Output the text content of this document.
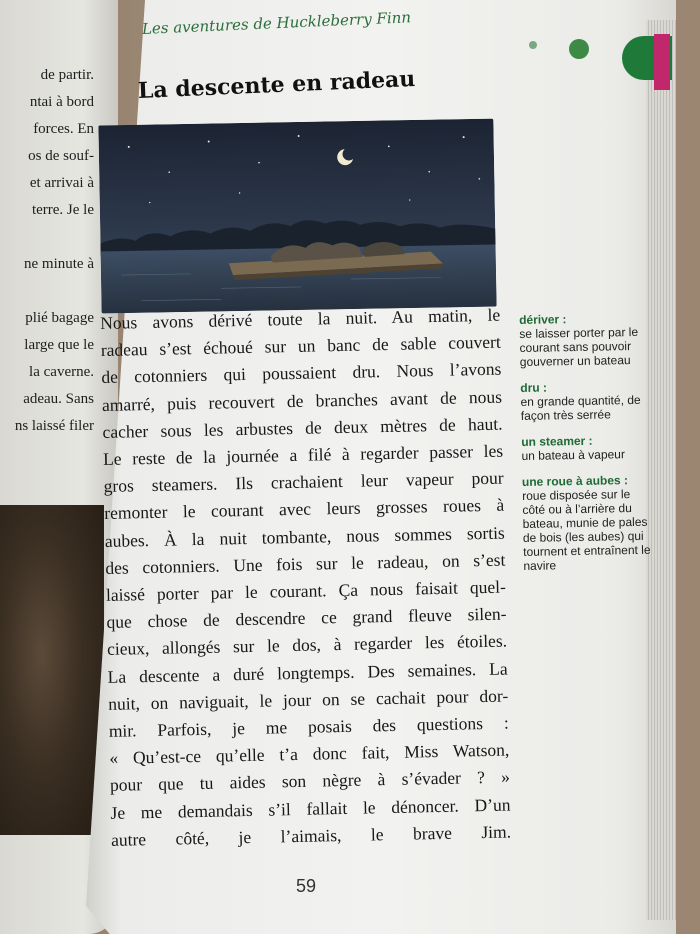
de partir.
ntai à bord
forces. En
os de souf-
et arrivai à
terre. Je le

ne minute à

plié bagage
large que le
la caverne.
adeau. Sans
ns laissé filer
Les aventures de Huckleberry Finn
La descente en radeau

Nous avons dérivé toute la nuit. Au matin, le
radeau s’est échoué sur un banc de sable couvert
de cotonniers qui poussaient dru. Nous l’avons
amarré, puis recouvert de branches avant de nous
cacher sous les arbustes de deux mètres de haut.

Le reste de la journée a filé à regarder passer les
gros steamers. Ils crachaient leur vapeur pour
remonter le courant avec leurs grosses roues à
aubes. À la nuit tombante, nous sommes sortis
des cotonniers. Une fois sur le radeau, on s’est
laissé porter par le courant. Ça nous faisait quel-
que chose de descendre ce grand fleuve silen-
cieux, allongés sur le dos, à regarder les étoiles.

La descente a duré longtemps. Des semaines. La
nuit, on naviguait, le jour on se cachait pour dor-
mir. Parfois, je me posais des questions :

« Qu’est-ce qu’elle t’a donc fait, Miss Watson,
pour que tu aides son nègre à s’évader ? »

Je me demandais s’il fallait le dénoncer. D’un
autre côté, je l’aimais, le brave Jim.

dériver :
se laisser porter par le courant sans pouvoir gouverner un bateau
dru :
en grande quantité, de façon très serrée
un steamer :
un bateau à vapeur
une roue à aubes :
roue disposée sur le côté ou à l’arrière du bateau, munie de pales de bois (les aubes) qui tournent et entraînent le navire
59
